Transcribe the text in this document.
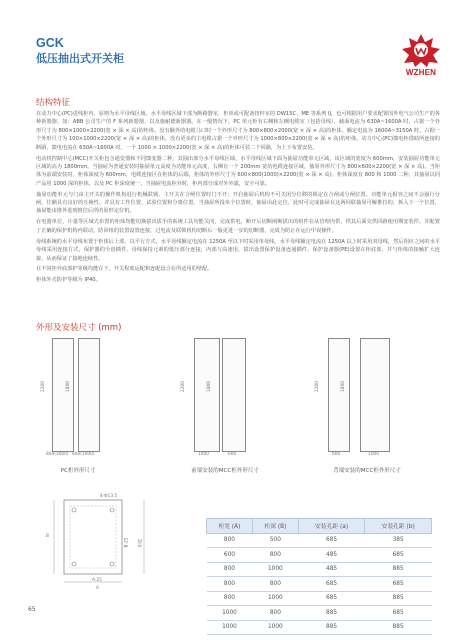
GCK
低压抽出式开关柜
WZHEN
结构特征

在动力中心(PC)进线柜内，原则为水平母线区域、水平母线区域下部为断路器室，柜顶或可配备扭杆室的 DW15C、ME 等系列 IJ，也可根据用户要求配置国外电气公司生产的各种新器器，如：ABB 公司生产的 F 系列新器器，以及施耐德新器器。在一般情况下，PC 单元柜有右侧和左侧电缆室（包括母线），截面电流为 630A~1600A 时，占据一个外形尺寸为 800×1000×2200(宽 × 深 × 高)的柜体。没有额外的电缆马口时一个外形尺寸为 800×800×2000(宽 × 深 × 高)的柜体。额定电流为 1600A~3150A 时，占据一个外形尺寸为 100×1000×2200(宽 × 深 × 高)的柜体，没有更多的主电缆占据一个外形尺寸为 1000×800×2200(宽 × 深 × 高)的柜体。动力中心(PC)馈电柜借助所连接的断路，馈电电流在 630A~1600A 时，一个 1000 × 1000×2200(宽 × 深 × 高)的柜体可装二个回路，为上下布置安装。

电动机控制中心(MCC)开关柜包含通变器和不同馈变器二种，其抽出部分水平母线区域、水平母线区域下面为抽屉功能单元区域，该区域的宽度为 600mm。安装抽屉功能单元区域的高为 1800mm。当抽屉为普通安装时抽屉单元高度为功能单元高度，右侧有一个 200mm 宽的电缆连接区域，抽屉外形尺寸为 800×600×2200(宽 × 深 × 高)。当柜体为前端安装时，柜体深度为 600mm，电缆连接区在柜体的后端，柜体的外形尺寸为 600×800(1000)×2200(宽 × 深 × 高)。柜体深度有 800 和 1000 二种，其抽屉以同产品用 1000 深的柜体，以及 PC 柜深度统一，当抽屉电流柜外时，柜内部分成对外外露，安全可靠。

抽屉功能单元与门由主开关的操作机构进行机械联锁，主开关在合闸位置时门不开；开启抽屉后机构不可关闭分位移的锁定在合闸或分闸位置。功能单元相容之间不会强行分闸，往额具有良好的互换性，并具有工作位置、试验位置和分离位置。当抽屉所投单个位置时，抽屉由此定位，此时可完成抽屉在这两回联抽屉可解推拉的，拆入下一个位置，抽屉能由推外进到推拉后所的原形定位机。

在电器单位，计量等区域式布置的柜体均能切换拔出拔手的系统工具均能关闭，完成供电，断开后切断闸断拔出的组件在从管理内供，供其后面交供回路使用期安装件。并配置了正确的保护机构内联动，防回组的装置设置连接，过电流及联锁机构切断后一般更进一步的切断器，完成为防止在运行中误操作。

母线系统的水平母线布置于柜体后上部，以平行方式，水平母线额定电流在 1250A 至以下时采用单母线，水平母线额定电流在 1250A 以上时采用双母线，然后相应之间的水平母线采用连接方式，保护器的全盘插件，母线保持元素的低压部分连接，内部与高速用，拔出设置保护设备连通插件，保护设备器(PE)设置在柜底部，并与柜体的接触扩大连接，从而保证了接地连续性。

在不同柜外底部护等级均能在下，开关程度运配和连配设合在所适用的壁配。

柜体外壳防护等级为 IP40。

外形及安装尺寸 (mm)
2200	1800
800(1000) 800(1000)
PC柜外形尺寸
2200	1800
1000	600
前端安装的MCC柜外形尺寸
2200	1800
600	1000
背端安装的MCC柜外形尺寸
4-Φ13.5
A-25
A
B
B-25 柜底
柜宽 (A)	柜深 (B)	安装孔距 (a)	安装孔距 (b)
800	500	685	385
600	800	485	685
800	1000	485	885
800	800	685	685
800	1000	685	885
1000	800	885	685
1000	1000	885	885
65
